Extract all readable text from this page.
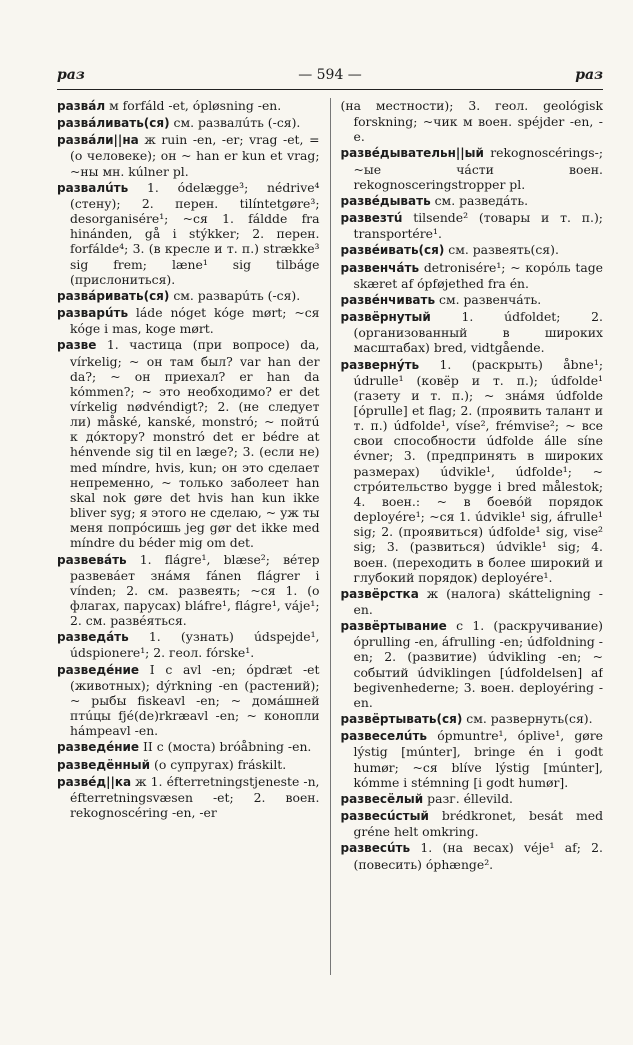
раз	— 594 —	раз

развáл м forfáld -et, ópløsning -en.

развáливать(ся) см. развалúть (-ся).

развáли||на ж ruin -en, -er; vrag -et, = (о человеке); он ~ han er kun et vrag; ~ны мн. kúlner pl.

развалúть 1. ódelægge³; nédrive⁴ (стену); 2. перен. tilíntetgøre³; desorganisére¹; ~ся 1. fáldde fra hinánden, gå i stýkker; 2. перен. forfálde⁴; 3. (в кресле и т. п.) strække³ sig frem; læne¹ sig tilbáge (прислониться).

развáривать(ся) см. разварúть (-ся).

разварúть láde nóget kóge mørt; ~ся kóge i mas, koge mørt.

разве 1. частица (при вопросе) da, vírkelig; ~ он там был? var han der da?; ~ он приехал? er han da kómmen?; ~ это необходимо? er det vírkelig nødvéndigt?; 2. (не следует ли) måské, kanské, monstró; ~ пойтú к дóктору? monstró det er bédre at hénvende sig til en læge?; 3. (если не) med míndre, hvis, kun; он это сделает непременно, ~ только заболеет han skal nok gøre det hvis han kun ikke bliver syg; я этого не сделаю, ~ уж ты меня попрóсишь jeg gør det ikke med míndre du béder mig om det.

развевáть 1. flágre¹, blæse²; вéтер развевáет знáмя fánen flágrer i vínden; 2. см. развеять; ~ся 1. (о флагах, парусах) bláfre¹, flágre¹, váje¹; 2. см. развéяться.

разведáть 1. (узнать) údspejde¹, údspionere¹; 2. геол. fórske¹.

разведéние I с avl -en; ópdræt -et (животных); dýrkning -en (растений); ~ рыбы fiskeavl -en; ~ домáшней птúцы fjé(de)rkræavl -en; ~ конопли hámpeavl -en.

разведéние II с (моста) bróåbning -en.

разведённый (о супругах) fráskilt.

развéд||ка ж 1. éfterretningstjeneste -n, éfterretningsvæsen -et; 2. воен. rekognoscéring -en, -er

(на местности); 3. геол. geológisk forskning; ~чик м воен. spéjder -en, -e.

развéдывательн||ый rekognoscérings-; ~ые чáсти воен. rekognosceringstropper pl.

развéдывать см. разведáть.

развезтú tilsende² (товары и т. п.); transportére¹.

развéивать(ся) см. развеять(ся).

развенчáть detronisére¹; ~ корóль tage skæret af ópføjethed fra én.

развéнчивать см. развенчáть.

развёрнутый 1. údfoldet; 2. (организованный в широких масштабах) bred, vidtgående.

развернýть 1. (раскрыть) åbne¹; údrulle¹ (ковёр и т. п.); údfolde¹ (газету и т. п.); ~ знáмя údfolde [óprulle] et flag; 2. (проявить талант и т. п.) údfolde¹, víse², frémvise²; ~ все свои способности údfolde álle síne évner; 3. (предпринять в широких размерах) údvikle¹, údfolde¹; ~ стрóительство bygge i bred målestok; 4. воен.: ~ в боевóй порядок deployére¹; ~ся 1. údvikle¹ sig, áfrulle¹ sig; 2. (проявиться) údfolde¹ sig, vise² sig; 3. (развиться) údvikle¹ sig; 4. воен. (переходить в более широкий и глубокий порядок) deployére¹.

развёрстка ж (налога) skátteligning -en.

развёртывание с 1. (раскручивание) óprulling -en, áfrulling -en; údfoldning -en; 2. (развитие) údvikling -en; ~ событий údviklingen [údfoldelsen] af begivenhederne; 3. воен. deployéring -en.

развёртывать(ся) см. развернуть(ся).

развеселúть ópmuntre¹, óplive¹, gøre lýstig [múnter], bringe én i godt humør; ~ся blíve lýstig [múnter], kómme i stémning [i godt humør].

развесёлый разг. éllevild.

развесúстый brédkronet, besát med gréne helt omkring.

развесúть 1. (на весах) véje¹ af; 2. (повесить) óphænge².
